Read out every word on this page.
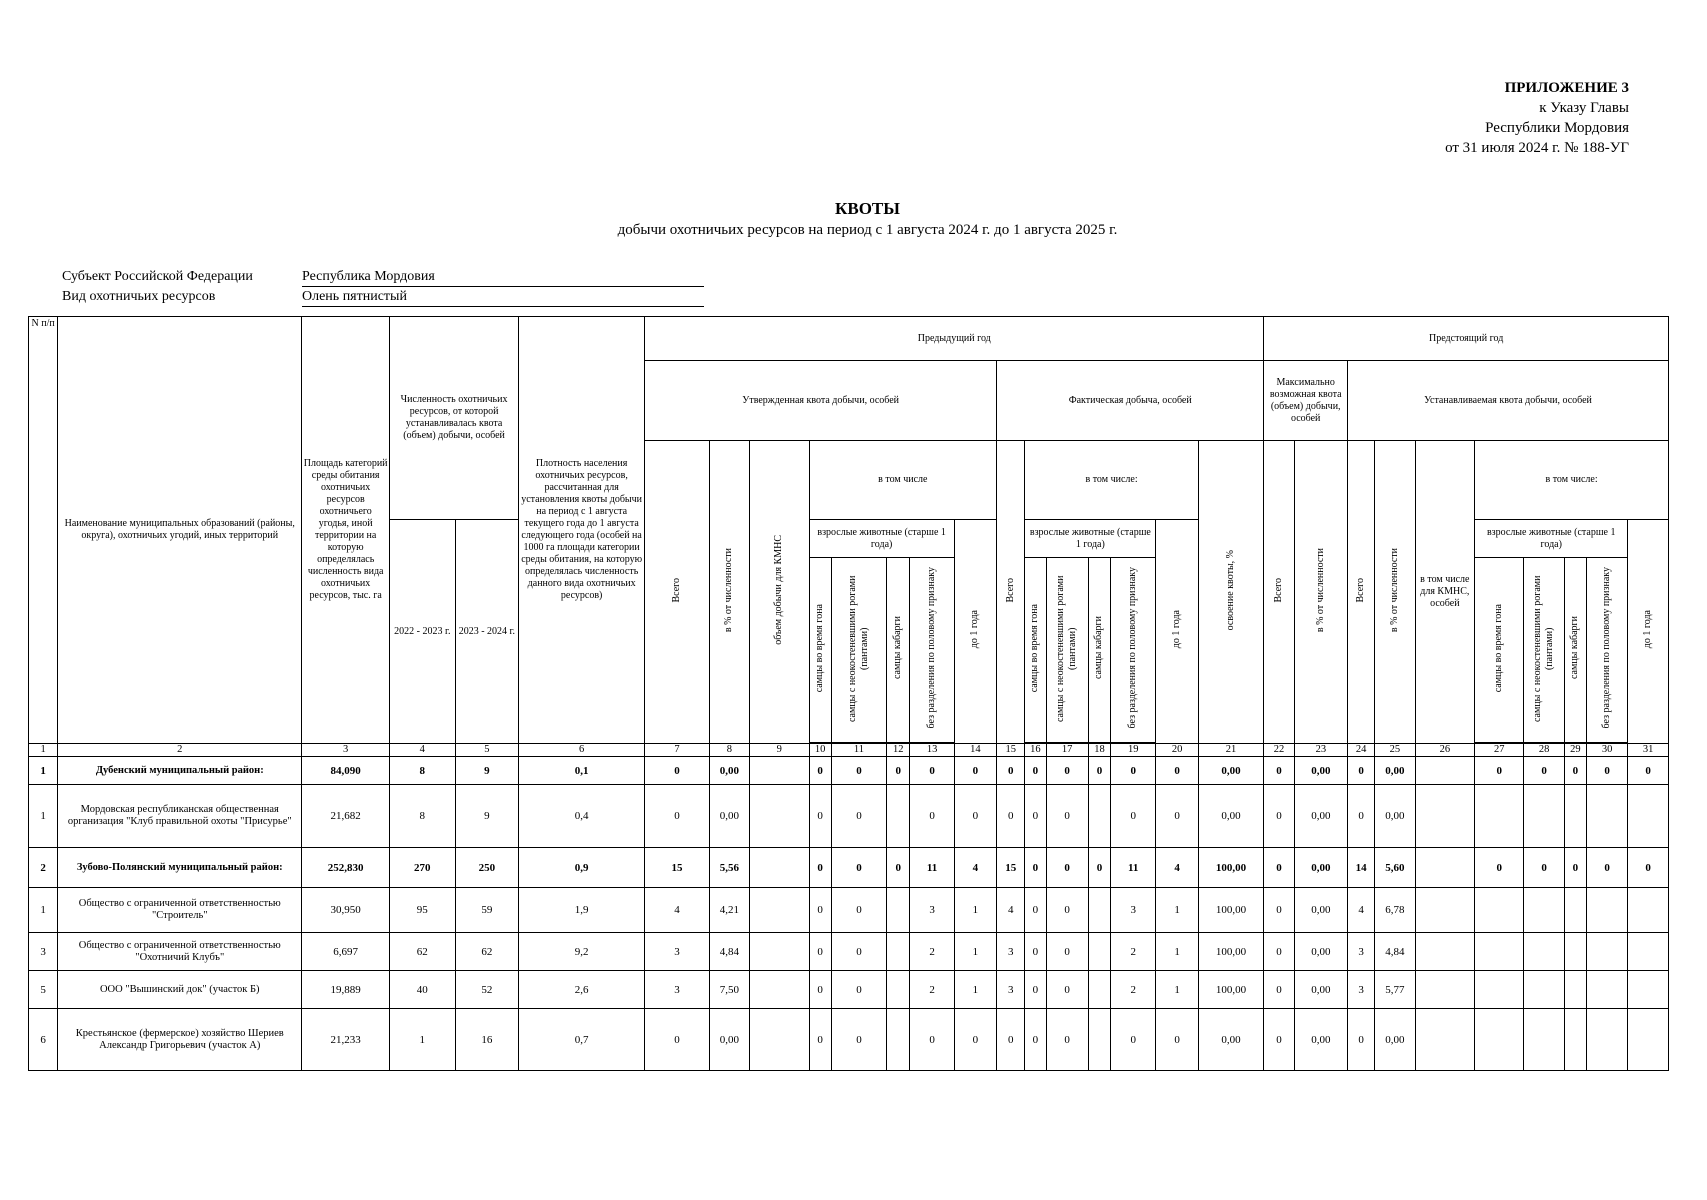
ПРИЛОЖЕНИЕ 3
к Указу Главы
Республики Мордовия
от 31 июля 2024 г. № 188-УГ
КВОТЫ
добычи охотничьих ресурсов на период с 1 августа 2024 г. до 1 августа 2025 г.
Субъект Российской Федерации	Республика Мордовия
Вид охотничьих ресурсов	Олень пятнистый
N п/п	Наименование муниципальных образований (районы, округа), охотничьих угодий, иных территорий	Площадь категорий среды обитания охотничьих ресурсов охотничьего угодья, иной территории на которую определялась численность вида охотничьих ресурсов, тыс. га	Численность охотничьих ресурсов, от которой устанавливалась квота (объем) добычи, особей		Плотность населения охотничьих ресурсов, рассчитанная для установления квоты добычи на период с 1 августа текущего года до 1 августа следующего года (особей на 1000 га площади категории среды обитания, на которую определялась численность данного вида охотничьих ресурсов)	Предыдущий год															Предстоящий год									
						Утвержденная квота добычи, особей								Фактическая добыча, особей							Максимально возможная квота (объем) добычи, особей		Устанавливаемая квота добычи, особей							
						Всего	в % от численности	объем добычи для КМНС	в том числе					Всего	в том числе:					освоение квоты, %	Всего	в % от численности	Всего	в % от численности	в том числе для КМНС, особей	в том числе:				
			2022 - 2023 г.	2023 - 2024 г.					взрослые животные (старше 1 года)				до 1 года		взрослые животные (старше 1 года)				до 1 года							взрослые животные (старше 1 года)				до 1 года
									самцы во время гона	самцы с неокостеневшими рогами (пантами)	самцы кабарги	без разделения по половому признаку			самцы во время гона	самцы с неокостеневшими рогами (пантами)	самцы кабарги	без разделения по половому признаку								самцы во время гона	самцы с неокостеневшими рогами (пантами)	самцы кабарги	без разделения по половому признаку	

1	2	3	4	5	6	7	8	9	10	11	12	13	14	15	16	17	18	19	20	21	22	23	24	25	26	27	28	29	30	31
1	Дубенский муниципальный район:	84,090	8	9	0,1	0	0,00		0	0	0	0	0	0	0	0	0	0	0	0,00	0	0,00	0	0,00		0	0	0	0	0
1	Мордовская республиканская общественная организация "Клуб правильной охоты "Присурье"	21,682	8	9	0,4	0	0,00		0	0		0	0	0	0	0		0	0	0,00	0	0,00	0	0,00						
2	Зубово-Полянский муниципальный район:	252,830	270	250	0,9	15	5,56		0	0	0	11	4	15	0	0	0	11	4	100,00	0	0,00	14	5,60		0	0	0	0	0
1	Общество с ограниченной ответственностью "Строитель"	30,950	95	59	1,9	4	4,21		0	0		3	1	4	0	0		3	1	100,00	0	0,00	4	6,78						
3	Общество с ограниченной ответственностью "Охотничий Клубъ"	6,697	62	62	9,2	3	4,84		0	0		2	1	3	0	0		2	1	100,00	0	0,00	3	4,84						
5	ООО "Вышинский док" (участок Б)	19,889	40	52	2,6	3	7,50		0	0		2	1	3	0	0		2	1	100,00	0	0,00	3	5,77						
6	Крестьянское (фермерское) хозяйство Шериев Александр Григорьевич (участок А)	21,233	1	16	0,7	0	0,00		0	0		0	0	0	0	0		0	0	0,00	0	0,00	0	0,00						
